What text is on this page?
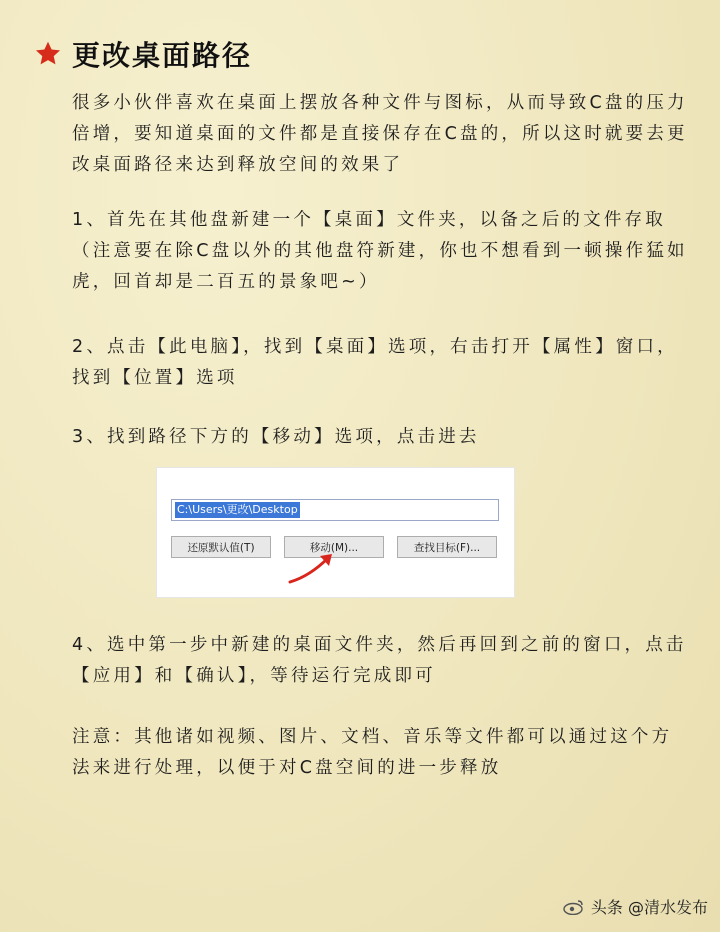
更改桌面路径

很多小伙伴喜欢在桌面上摆放各种文件与图标，从而导致C盘的压力倍增，要知道桌面的文件都是直接保存在C盘的，所以这时就要去更改桌面路径来达到释放空间的效果了

1、首先在其他盘新建一个【桌面】文件夹，以备之后的文件存取（注意要在除C盘以外的其他盘符新建，你也不想看到一顿操作猛如虎，回首却是二百五的景象吧~）

2、点击【此电脑】，找到【桌面】选项，右击打开【属性】窗口，找到【位置】选项

3、找到路径下方的【移动】选项，点击进去

C:\Users\更改\Desktop
还原默认值(T)	移动(M)...	查找目标(F)...

4、选中第一步中新建的桌面文件夹，然后再回到之前的窗口，点击【应用】和【确认】，等待运行完成即可

注意：其他诸如视频、图片、文档、音乐等文件都可以通过这个方法来进行处理，以便于对C盘空间的进一步释放

头条 @清水发布
